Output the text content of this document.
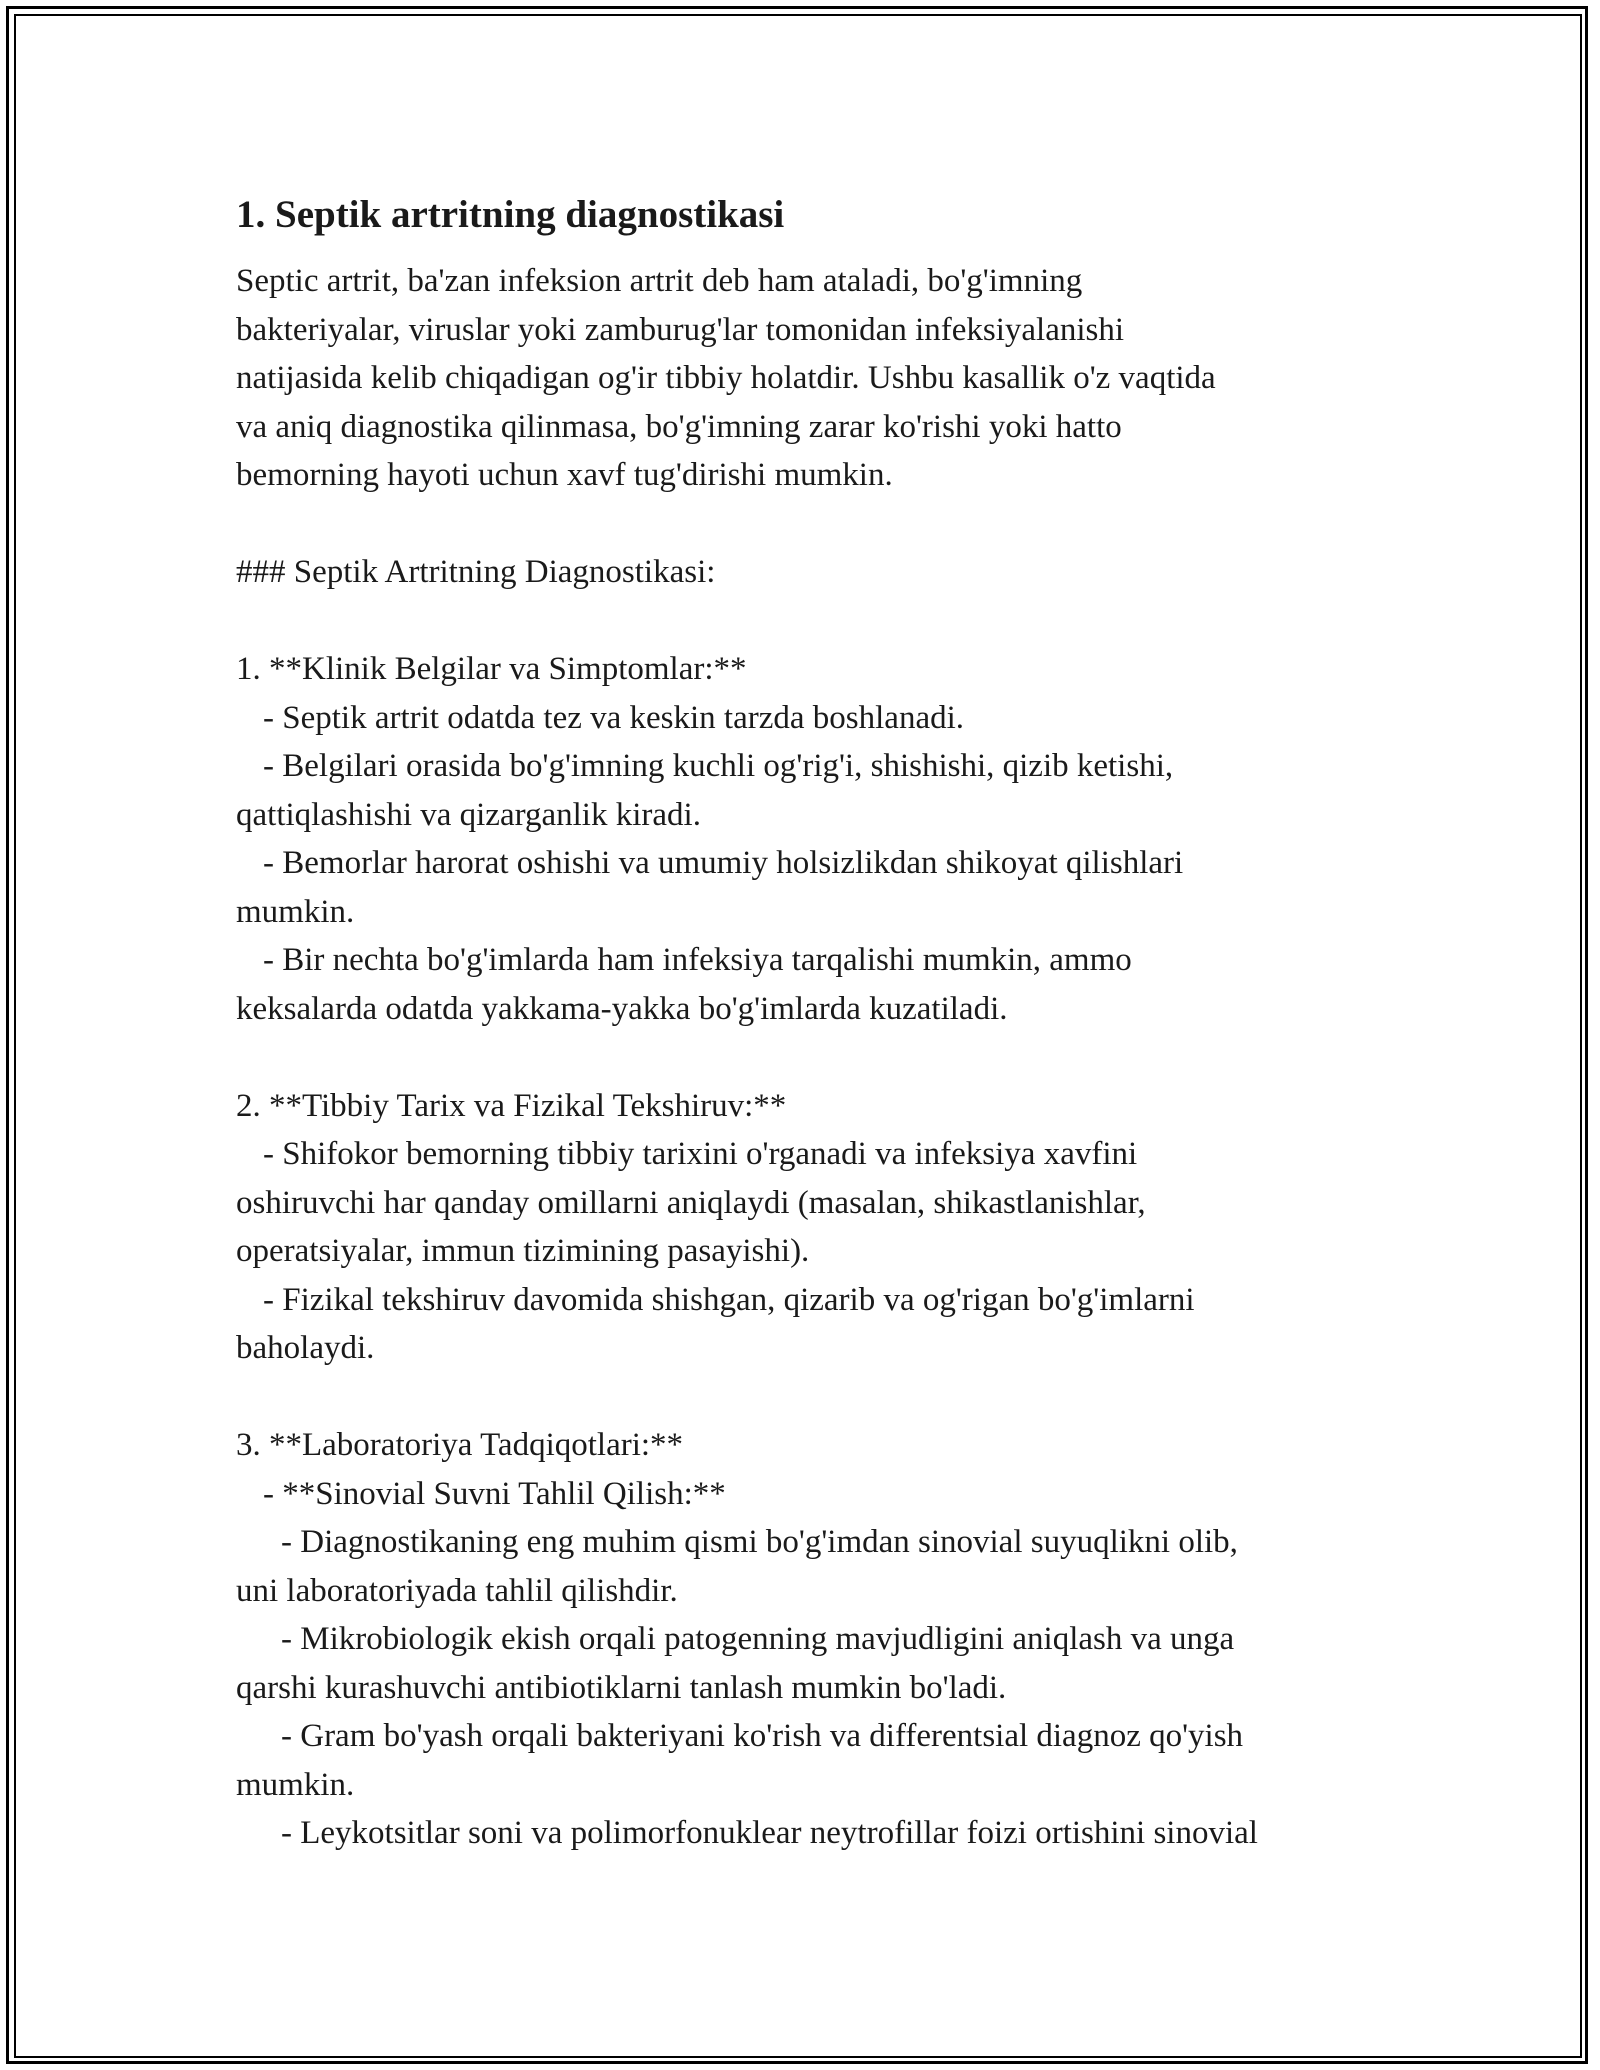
1. Septik artritning diagnostikasi
Septic artrit, ba'zan infeksion artrit deb ham ataladi, bo'g'imning
bakteriyalar, viruslar yoki zamburug'lar tomonidan infeksiyalanishi
natijasida kelib chiqadigan og'ir tibbiy holatdir. Ushbu kasallik o'z vaqtida
va aniq diagnostika qilinmasa, bo'g'imning zarar ko'rishi yoki hatto
bemorning hayoti uchun xavf tug'dirishi mumkin.
### Septik Artritning Diagnostikasi:
1. **Klinik Belgilar va Simptomlar:**
- Septik artrit odatda tez va keskin tarzda boshlanadi.
- Belgilari orasida bo'g'imning kuchli og'rig'i, shishishi, qizib ketishi,
qattiqlashishi va qizarganlik kiradi.
- Bemorlar harorat oshishi va umumiy holsizlikdan shikoyat qilishlari
mumkin.
- Bir nechta bo'g'imlarda ham infeksiya tarqalishi mumkin, ammo
keksalarda odatda yakkama-yakka bo'g'imlarda kuzatiladi.
2. **Tibbiy Tarix va Fizikal Tekshiruv:**
- Shifokor bemorning tibbiy tarixini o'rganadi va infeksiya xavfini
oshiruvchi har qanday omillarni aniqlaydi (masalan, shikastlanishlar,
operatsiyalar, immun tizimining pasayishi).
- Fizikal tekshiruv davomida shishgan, qizarib va og'rigan bo'g'imlarni
baholaydi.
3. **Laboratoriya Tadqiqotlari:**
- **Sinovial Suvni Tahlil Qilish:**
- Diagnostikaning eng muhim qismi bo'g'imdan sinovial suyuqlikni olib,
uni laboratoriyada tahlil qilishdir.
- Mikrobiologik ekish orqali patogenning mavjudligini aniqlash va unga
qarshi kurashuvchi antibiotiklarni tanlash mumkin bo'ladi.
- Gram bo'yash orqali bakteriyani ko'rish va differentsial diagnoz qo'yish
mumkin.
- Leykotsitlar soni va polimorfonuklear neytrofillar foizi ortishini sinovial
